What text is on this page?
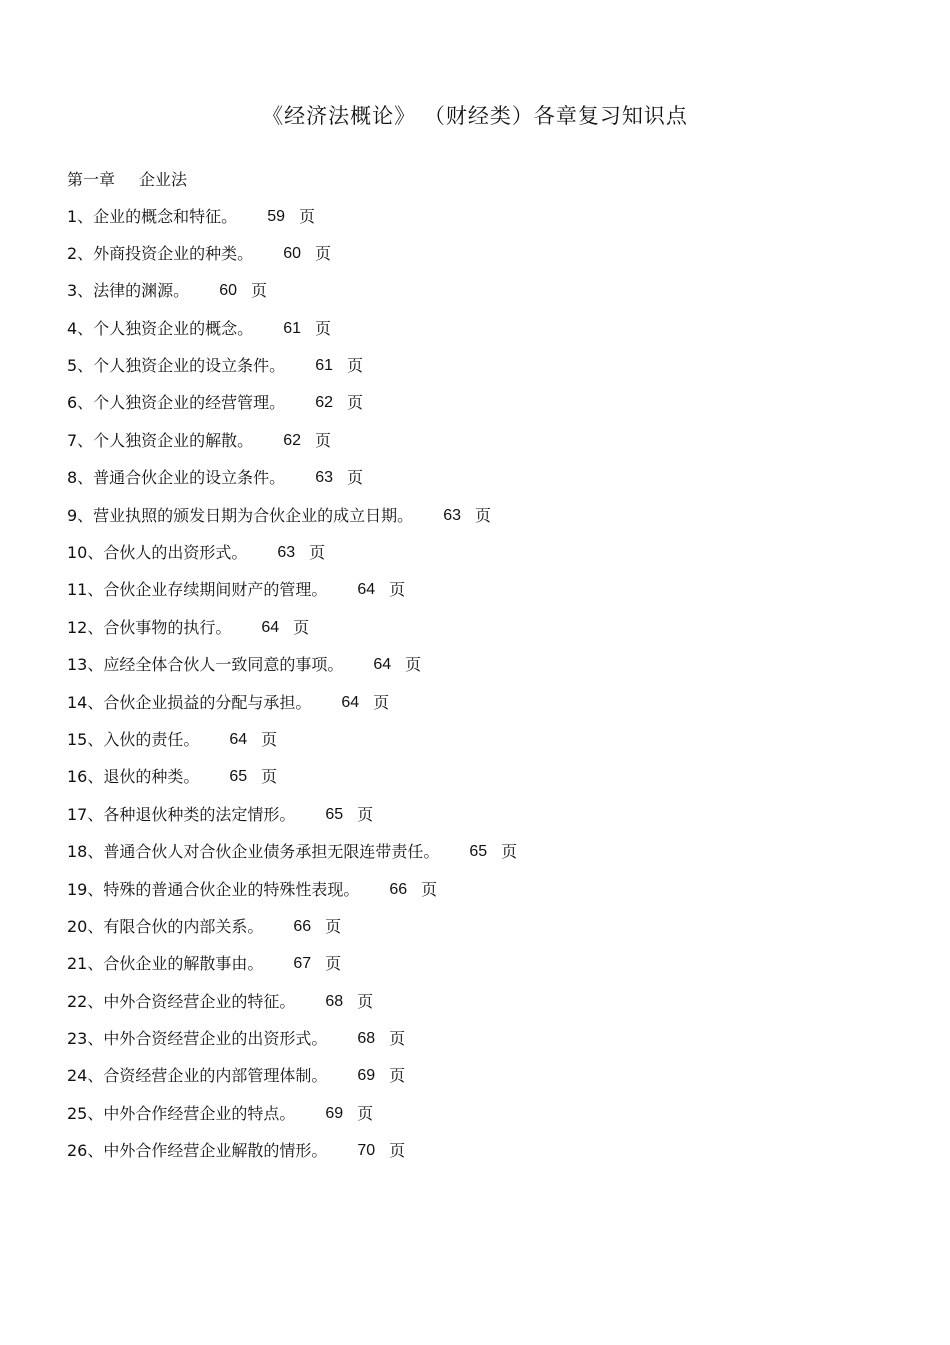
《经济法概论》 （财经类）各章复习知识点
第一章 企业法
1、企业的概念和特征。 59 页
2、外商投资企业的种类。 60 页
3、法律的渊源。 60 页
4、个人独资企业的概念。 61 页
5、个人独资企业的设立条件。 61 页
6、个人独资企业的经营管理。 62 页
7、个人独资企业的解散。 62 页
8、普通合伙企业的设立条件。 63 页
9、营业执照的颁发日期为合伙企业的成立日期。 63 页
10、合伙人的出资形式。 63 页
11、合伙企业存续期间财产的管理。 64 页
12、合伙事物的执行。 64 页
13、应经全体合伙人一致同意的事项。 64 页
14、合伙企业损益的分配与承担。 64 页
15、入伙的责任。 64 页
16、退伙的种类。 65 页
17、各种退伙种类的法定情形。 65 页
18、普通合伙人对合伙企业债务承担无限连带责任。 65 页
19、特殊的普通合伙企业的特殊性表现。 66 页
20、有限合伙的内部关系。 66 页
21、合伙企业的解散事由。 67 页
22、中外合资经营企业的特征。 68 页
23、中外合资经营企业的出资形式。 68 页
24、合资经营企业的内部管理体制。 69 页
25、中外合作经营企业的特点。 69 页
26、中外合作经营企业解散的情形。 70 页
